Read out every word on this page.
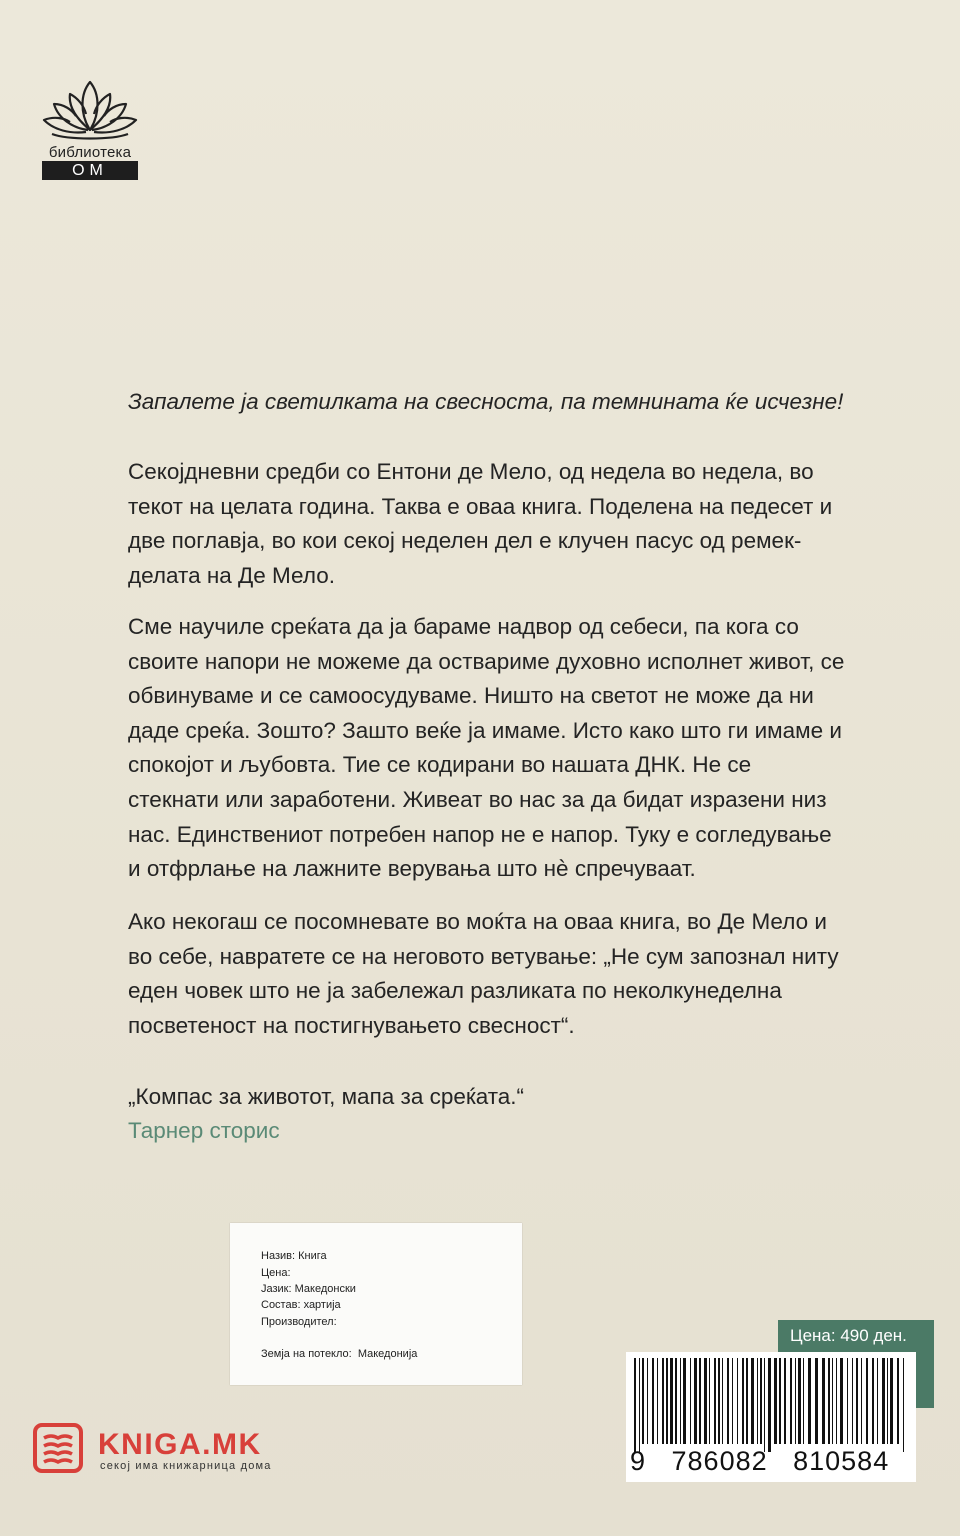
библиотека
ОМ
Запалете ја светилката на свесноста, па темнината ќе исчезне!

Секојдневни средби со Ентони де Мело, од недела во недела, во текот на целата година. Таква е оваа книга. Поделена на педесет и две поглавја, во кои секој неделен дел е клучен пасус од ремек-делата на Де Мело.

Сме научиле среќата да ја бараме надвор од себеси, па кога со своите напори не можеме да оствариме духовно исполнет живот, се обвинуваме и се самоосудуваме. Ништо на светот не може да ни даде среќа. Зошто? Зашто веќе ја имаме. Исто како што ги имаме и спокојот и љубовта. Тие се кодирани во нашата ДНК. Не се стекнати или заработени. Живеат во нас за да бидат изразени низ нас. Единствениот потребен напор не е напор. Туку е согледување и отфрлање на лажните верувања што нè спречуваат.

Ако некогаш се посомневате во моќта на оваа книга, во Де Мело и во себе, навратете се на неговото ветување: „Не сум запознал ниту еден човек што не ја забележал разликата по неколкунеделна посветеност на постигнувањето свесност“.

„Компас за животот, мапа за среќата.“
Тарнер сторис
Назив: Книга
Цена:
Јазик: Македонски
Состав: хартија
Производител:
Земја на потекло: Македонија
Цена: 490 ден.
9   786082   810584
KNIGA.MK
секој има книжарница дома
